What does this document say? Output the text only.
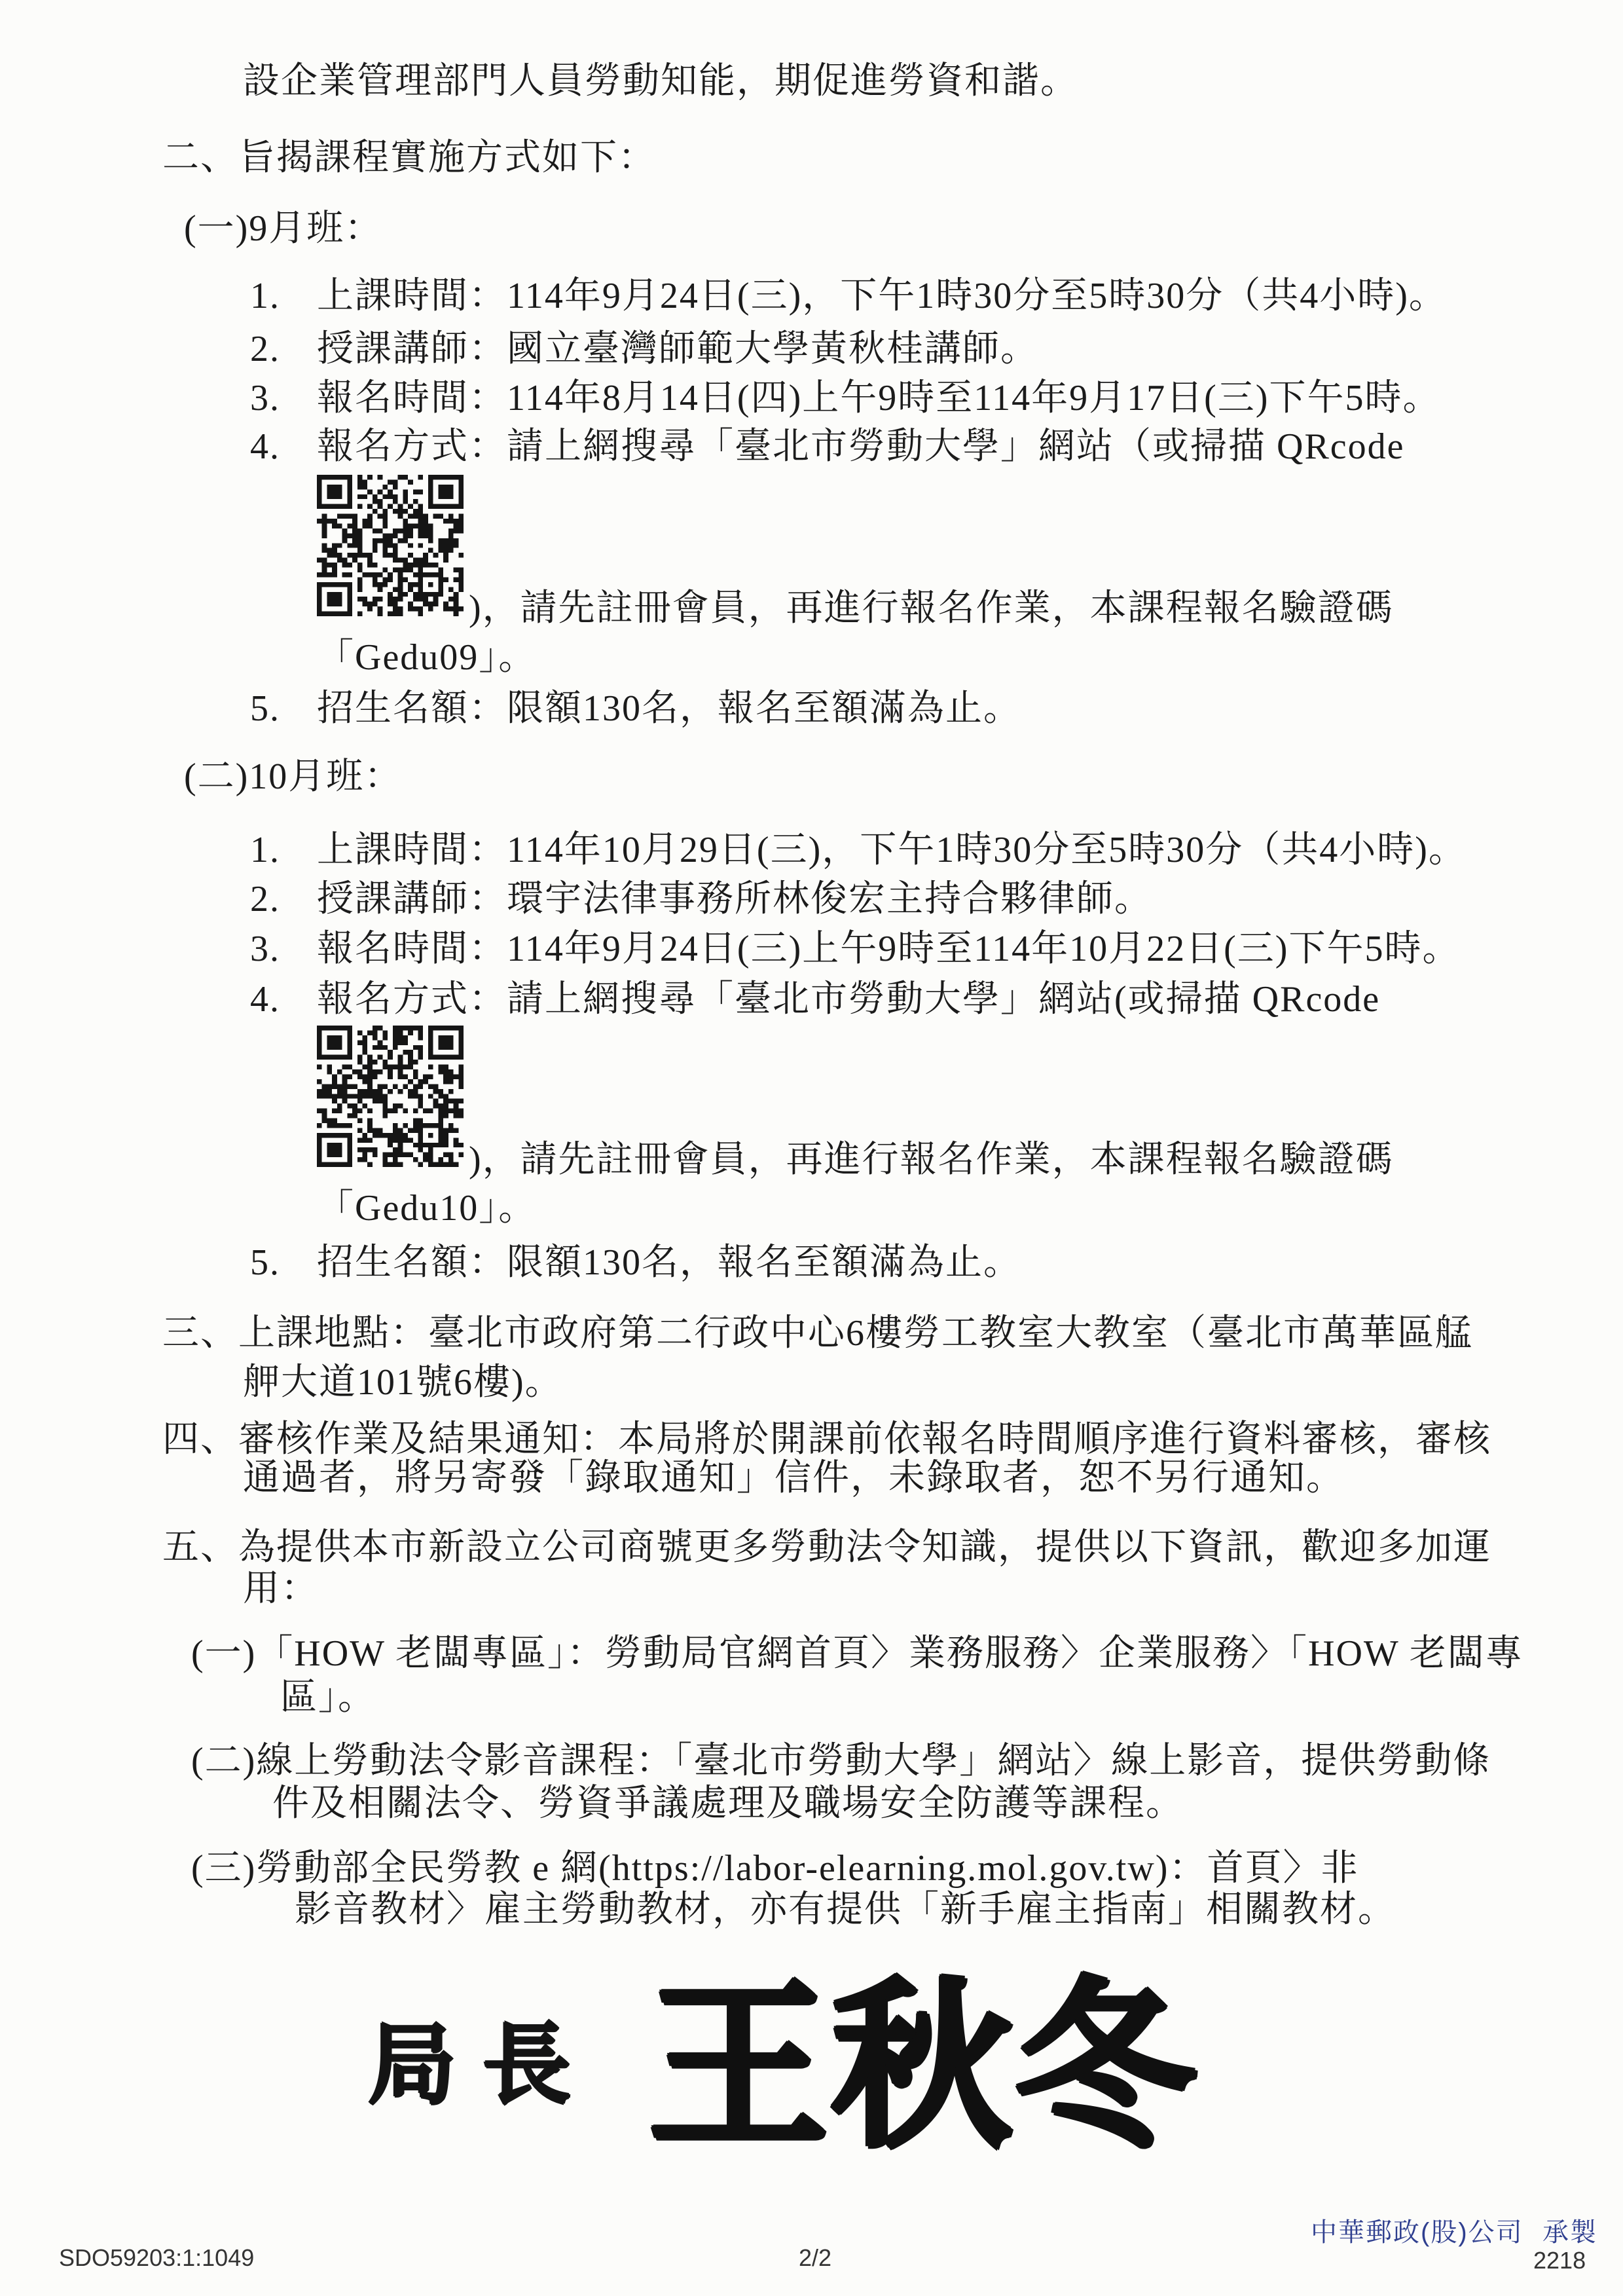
設企業管理部門人員勞動知能，期促進勞資和諧。
二、旨揭課程實施方式如下：
(一)9月班：
1. 上課時間：114年9月24日(三)，下午1時30分至5時30分（共4小時)。
2. 授課講師：國立臺灣師範大學黃秋桂講師。
3. 報名時間：114年8月14日(四)上午9時至114年9月17日(三)下午5時。
4. 報名方式：請上網搜尋「臺北市勞動大學」網站（或掃描 QRcode
)，請先註冊會員，再進行報名作業，本課程報名驗證碼
「Gedu09」。
5. 招生名額：限額130名，報名至額滿為止。
(二)10月班：
1. 上課時間：114年10月29日(三)，下午1時30分至5時30分（共4小時)。
2. 授課講師：環宇法律事務所林俊宏主持合夥律師。
3. 報名時間：114年9月24日(三)上午9時至114年10月22日(三)下午5時。
4. 報名方式：請上網搜尋「臺北市勞動大學」網站(或掃描 QRcode
)，請先註冊會員，再進行報名作業，本課程報名驗證碼
「Gedu10」。
5. 招生名額：限額130名，報名至額滿為止。
三、上課地點：臺北市政府第二行政中心6樓勞工教室大教室（臺北市萬華區艋
舺大道101號6樓)。
四、審核作業及結果通知：本局將於開課前依報名時間順序進行資料審核，審核
通過者，將另寄發「錄取通知」信件，未錄取者，恕不另行通知。
五、為提供本市新設立公司商號更多勞動法令知識，提供以下資訊，歡迎多加運
用：
(一)「HOW 老闆專區」：勞動局官網首頁〉業務服務〉企業服務〉「HOW 老闆專
區」。
(二)線上勞動法令影音課程：「臺北市勞動大學」網站〉線上影音，提供勞動條
件及相關法令、勞資爭議處理及職場安全防護等課程。
(三)勞動部全民勞教 e 網(https://labor-elearning.mol.gov.tw)：首頁〉非
影音教材〉雇主勞動教材，亦有提供「新手雇主指南」相關教材。
局長 王秋冬
中華郵政(股)公司 承製
2218
SDO59203:1:1049	2/2
